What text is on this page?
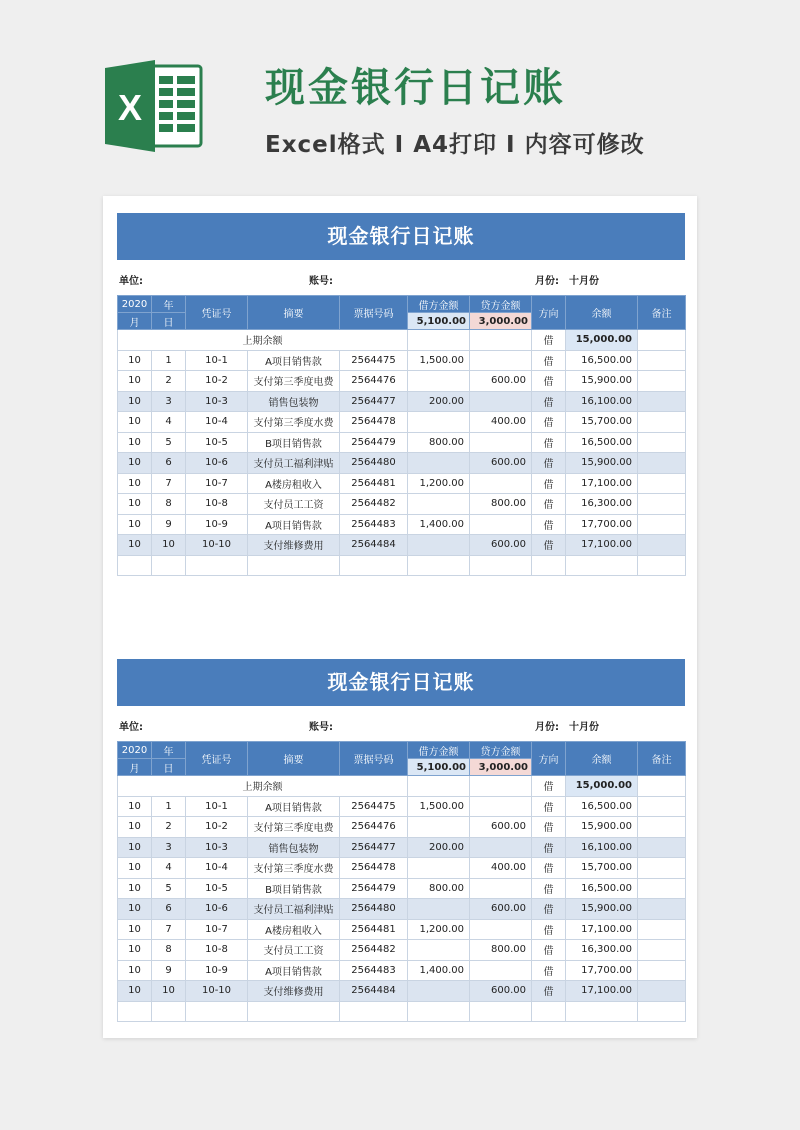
X	现金银行日记账
Excel格式 I A4打印 I 内容可修改
现金银行日记账
单位:	账号:	月份: 十月份
2020	年	凭证号	摘要	票据号码	借方金额	贷方金额	方向	余额	备注
月	日				5,100.00	3,000.00			
上期余额							借	15,000.00	
10	1	10-1	A项目销售款	2564475	1,500.00		借	16,500.00	
10	2	10-2	支付第三季度电费	2564476		600.00	借	15,900.00	
10	3	10-3	销售包装物	2564477	200.00		借	16,100.00	
10	4	10-4	支付第三季度水费	2564478		400.00	借	15,700.00	
10	5	10-5	B项目销售款	2564479	800.00		借	16,500.00	
10	6	10-6	支付员工福利津贴	2564480		600.00	借	15,900.00	
10	7	10-7	A楼房租收入	2564481	1,200.00		借	17,100.00	
10	8	10-8	支付员工工资	2564482		800.00	借	16,300.00	
10	9	10-9	A项目销售款	2564483	1,400.00		借	17,700.00	
10	10	10-10	支付维修费用	2564484		600.00	借	17,100.00	

现金银行日记账
单位:	账号:	月份: 十月份
2020	年	凭证号	摘要	票据号码	借方金额	贷方金额	方向	余额	备注
月	日				5,100.00	3,000.00			
上期余额							借	15,000.00	
10	1	10-1	A项目销售款	2564475	1,500.00		借	16,500.00	
10	2	10-2	支付第三季度电费	2564476		600.00	借	15,900.00	
10	3	10-3	销售包装物	2564477	200.00		借	16,100.00	
10	4	10-4	支付第三季度水费	2564478		400.00	借	15,700.00	
10	5	10-5	B项目销售款	2564479	800.00		借	16,500.00	
10	6	10-6	支付员工福利津贴	2564480		600.00	借	15,900.00	
10	7	10-7	A楼房租收入	2564481	1,200.00		借	17,100.00	
10	8	10-8	支付员工工资	2564482		800.00	借	16,300.00	
10	9	10-9	A项目销售款	2564483	1,400.00		借	17,700.00	
10	10	10-10	支付维修费用	2564484		600.00	借	17,100.00	
